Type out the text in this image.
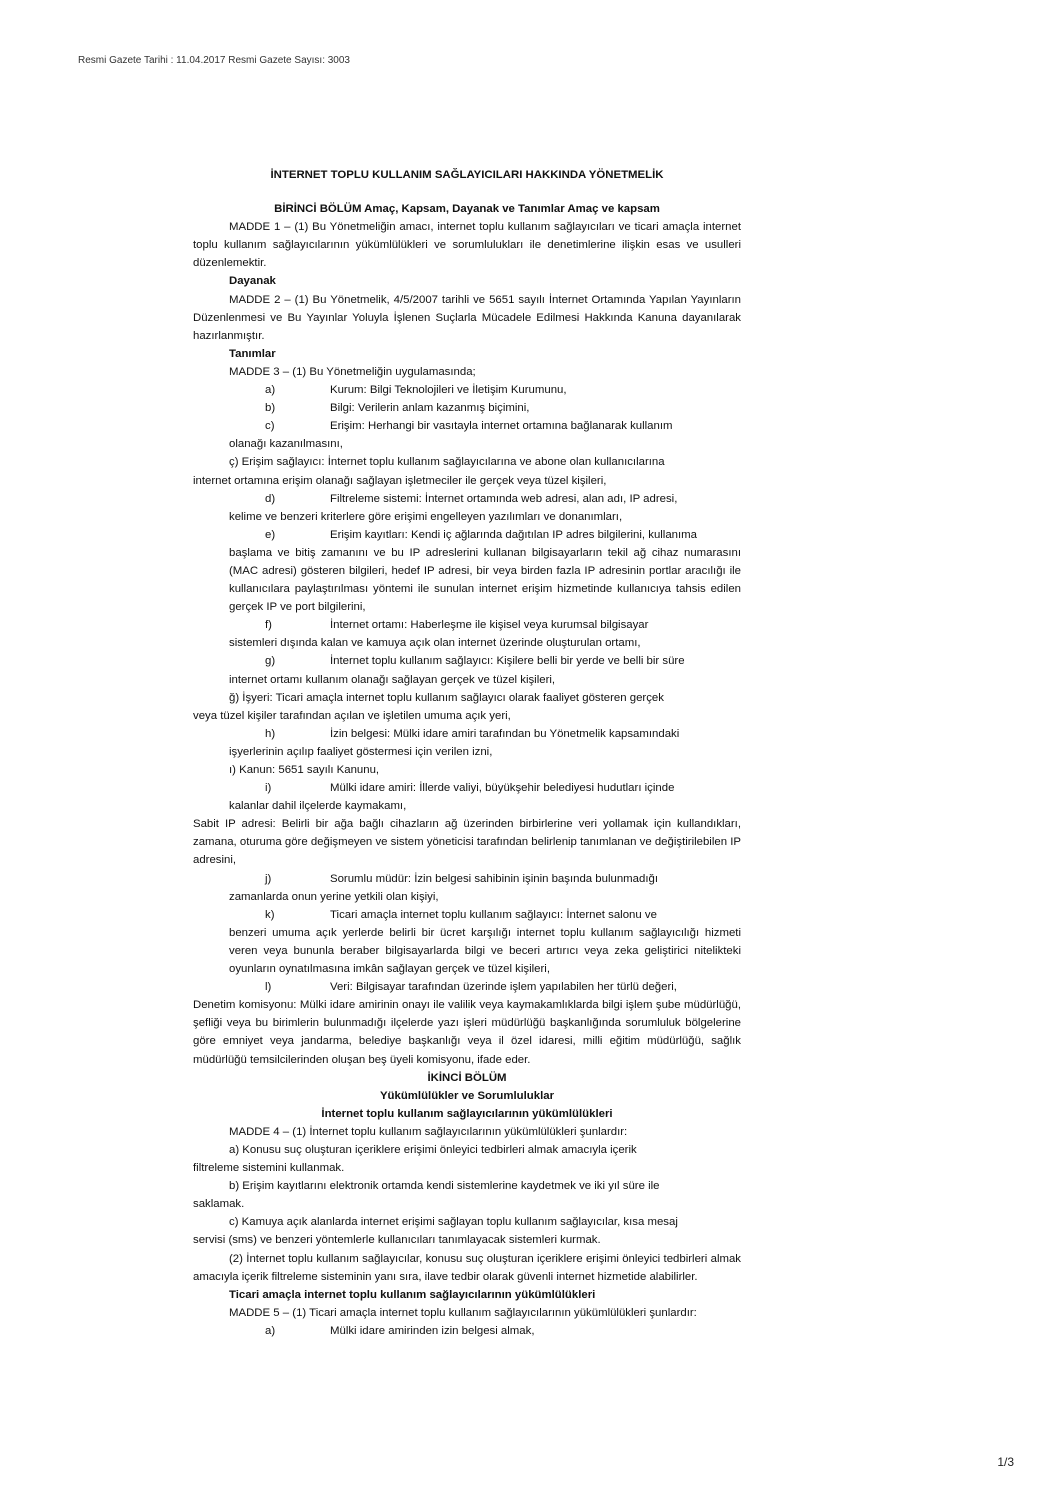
Resmi Gazete Tarihi : 11.04.2017 Resmi Gazete Sayısı: 3003

İNTERNET TOPLU KULLANIM SAĞLAYICILARI HAKKINDA YÖNETMELİK

BİRİNCİ BÖLÜM Amaç, Kapsam, Dayanak ve Tanımlar Amaç ve kapsam

MADDE 1 – (1) Bu Yönetmeliğin amacı, internet toplu kullanım sağlayıcıları ve ticari amaçla internet toplu kullanım sağlayıcılarının yükümlülükleri ve sorumlulukları ile denetimlerine ilişkin esas ve usulleri düzenlemektir.

Dayanak

MADDE 2 – (1) Bu Yönetmelik, 4/5/2007 tarihli ve 5651 sayılı İnternet Ortamında Yapılan Yayınların Düzenlenmesi ve Bu Yayınlar Yoluyla İşlenen Suçlarla Mücadele Edilmesi Hakkında Kanuna dayanılarak hazırlanmıştır.

Tanımlar

MADDE 3 – (1) Bu Yönetmeliğin uygulamasında;

a)	Kurum: Bilgi Teknolojileri ve İletişim Kurumunu,
b)	Bilgi: Verilerin anlam kazanmış biçimini,
c)	Erişim: Herhangi bir vasıtayla internet ortamına bağlanarak kullanım

olanağı kazanılmasını,

ç) Erişim sağlayıcı: İnternet toplu kullanım sağlayıcılarına ve abone olan kullanıcılarına

internet ortamına erişim olanağı sağlayan işletmeciler ile gerçek veya tüzel kişileri,

d)	Filtreleme sistemi: İnternet ortamında web adresi, alan adı, IP adresi,

kelime ve benzeri kriterlere göre erişimi engelleyen yazılımları ve donanımları,

e)	Erişim kayıtları: Kendi iç ağlarında dağıtılan IP adres bilgilerini, kullanıma

başlama ve bitiş zamanını ve bu IP adreslerini kullanan bilgisayarların tekil ağ cihaz numarasını (MAC adresi) gösteren bilgileri, hedef IP adresi, bir veya birden fazla IP adresinin portlar aracılığı ile kullanıcılara paylaştırılması yöntemi ile sunulan internet erişim hizmetinde kullanıcıya tahsis edilen gerçek IP ve port bilgilerini,

f)	İnternet ortamı: Haberleşme ile kişisel veya kurumsal bilgisayar

sistemleri dışında kalan ve kamuya açık olan internet üzerinde oluşturulan ortamı,

g)	İnternet toplu kullanım sağlayıcı: Kişilere belli bir yerde ve belli bir süre

internet ortamı kullanım olanağı sağlayan gerçek ve tüzel kişileri,

ğ) İşyeri: Ticari amaçla internet toplu kullanım sağlayıcı olarak faaliyet gösteren gerçek

veya tüzel kişiler tarafından açılan ve işletilen umuma açık yeri,

h)	İzin belgesi: Mülki idare amiri tarafından bu Yönetmelik kapsamındaki

işyerlerinin açılıp faaliyet göstermesi için verilen izni,

ı) Kanun: 5651 sayılı Kanunu,

i)	Mülki idare amiri: İllerde valiyi, büyükşehir belediyesi hudutları içinde

kalanlar dahil ilçelerde kaymakamı,

Sabit IP adresi: Belirli bir ağa bağlı cihazların ağ üzerinden birbirlerine veri yollamak için kullandıkları, zamana, oturuma göre değişmeyen ve sistem yöneticisi tarafından belirlenip tanımlanan ve değiştirilebilen IP adresini,

j)	Sorumlu müdür: İzin belgesi sahibinin işinin başında bulunmadığı

zamanlarda onun yerine yetkili olan kişiyi,

k)	Ticari amaçla internet toplu kullanım sağlayıcı: İnternet salonu ve

benzeri umuma açık yerlerde belirli bir ücret karşılığı internet toplu kullanım sağlayıcılığı hizmeti veren veya bununla beraber bilgisayarlarda bilgi ve beceri artırıcı veya zeka geliştirici nitelikteki oyunların oynatılmasına imkân sağlayan gerçek ve tüzel kişileri,

l)	Veri: Bilgisayar tarafından üzerinde işlem yapılabilen her türlü değeri,

Denetim komisyonu: Mülki idare amirinin onayı ile valilik veya kaymakamlıklarda bilgi işlem şube müdürlüğü, şefliği veya bu birimlerin bulunmadığı ilçelerde yazı işleri müdürlüğü başkanlığında sorumluluk bölgelerine göre emniyet veya jandarma, belediye başkanlığı veya il özel idaresi, milli eğitim müdürlüğü, sağlık müdürlüğü temsilcilerinden oluşan beş üyeli komisyonu, ifade eder.

İKİNCİ BÖLÜM

Yükümlülükler ve Sorumluluklar

İnternet toplu kullanım sağlayıcılarının yükümlülükleri

MADDE 4 – (1) İnternet toplu kullanım sağlayıcılarının yükümlülükleri şunlardır:

a) Konusu suç oluşturan içeriklere erişimi önleyici tedbirleri almak amacıyla içerik

filtreleme sistemini kullanmak.

b) Erişim kayıtlarını elektronik ortamda kendi sistemlerine kaydetmek ve iki yıl süre ile

saklamak.

c) Kamuya açık alanlarda internet erişimi sağlayan toplu kullanım sağlayıcılar, kısa mesaj

servisi (sms) ve benzeri yöntemlerle kullanıcıları tanımlayacak sistemleri kurmak.

(2) İnternet toplu kullanım sağlayıcılar, konusu suç oluşturan içeriklere erişimi önleyici tedbirleri almak amacıyla içerik filtreleme sisteminin yanı sıra, ilave tedbir olarak güvenli internet hizmetide alabilirler.

Ticari amaçla internet toplu kullanım sağlayıcılarının yükümlülükleri

MADDE 5 – (1) Ticari amaçla internet toplu kullanım sağlayıcılarının yükümlülükleri şunlardır:

a)	Mülki idare amirinden izin belgesi almak,
1/3
